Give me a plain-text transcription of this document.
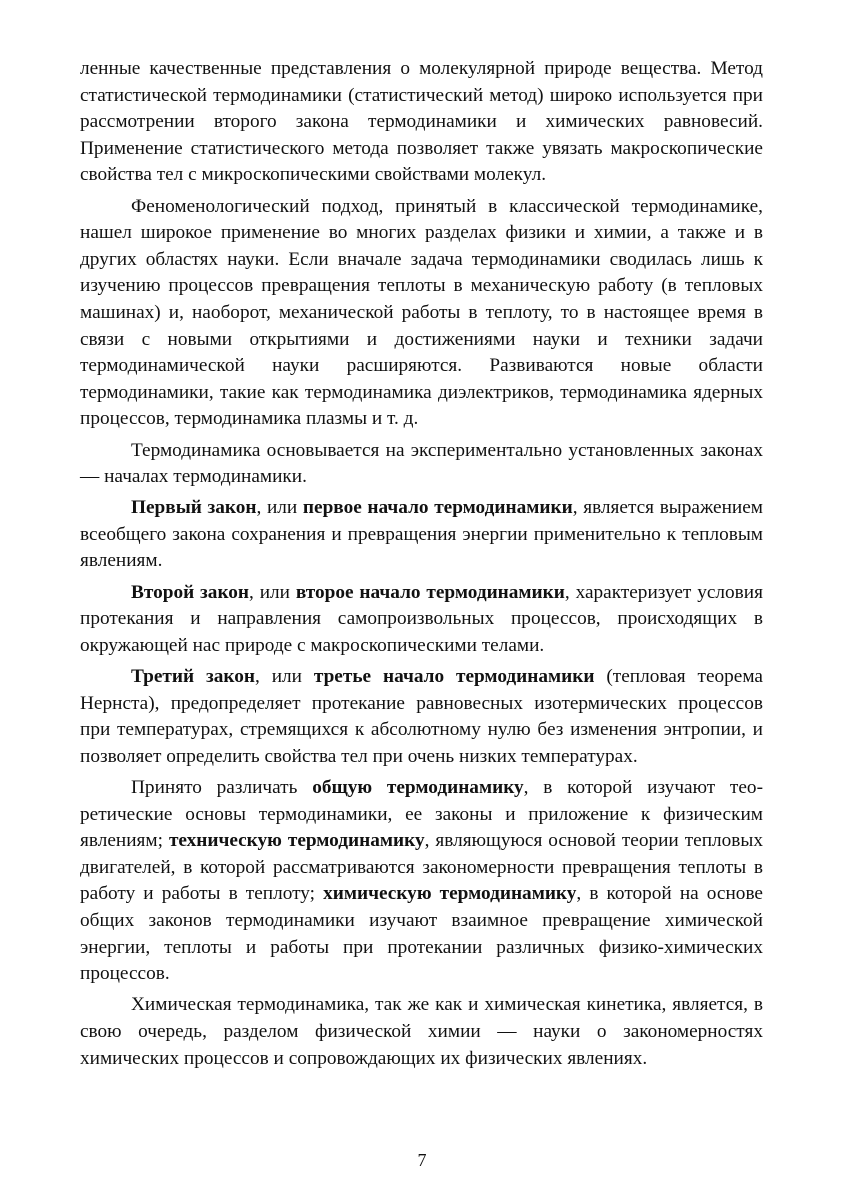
ленные качественные представления о молекулярной природе вещества. Метод статистической термодинамики (статистический метод) широко используется при рассмотрении второго закона термодинамики и химических равновесий. Применение статистического метода позволяет также увязать макроскопические свойства тел с микроскопическими свойствами молекул.

Феноменологический подход, принятый в классической термодинамике, нашел широкое применение во многих разделах физики и химии, а также и в других областях науки. Если вначале задача термодинамики сводилась лишь к изучению процессов превращения теплоты в механическую работу (в тепловых машинах) и, наоборот, механической работы в теплоту, то в настоящее время в связи с новыми открытиями и достижениями науки и техники задачи термодинамической науки расширяются. Развиваются новые области термодинамики, такие как термодинамика диэлектриков, термодинамика ядерных процессов, термодинамика плазмы и т. д.

Термодинамика основывается на экспериментально установленных законах — началах термодинамики.

Первый закон, или первое начало термодинамики, является выражением всеобщего закона сохранения и превращения энергии применительно к тепловым явлениям.

Второй закон, или второе начало термодинамики, характеризует условия протекания и направления самопроизвольных процессов, происходящих в окружающей нас природе с макроскопическими телами.

Третий закон, или третье начало термодинамики (тепловая теорема Нернста), предопределяет протекание равновесных изотермических процессов при температурах, стремящихся к абсолютному нулю без изменения энтропии, и позволяет определить свойства тел при очень низких температурах.

Принято различать общую термодинамику, в которой изучают теоретические основы термодинамики, ее законы и приложение к физическим явлениям; техническую термодинамику, являющуюся основой теории тепловых двигателей, в которой рассматриваются закономерности превращения теплоты в работу и работы в теплоту; химическую термодинамику, в которой на основе общих законов термодинамики изучают взаимное превращение химической энергии, теплоты и работы при протекании различных физико-химических процессов.

Химическая термодинамика, так же как и химическая кинетика, является, в свою очередь, разделом физической химии — науки о закономерностях химических процессов и сопровождающих их физических явлениях.

7
